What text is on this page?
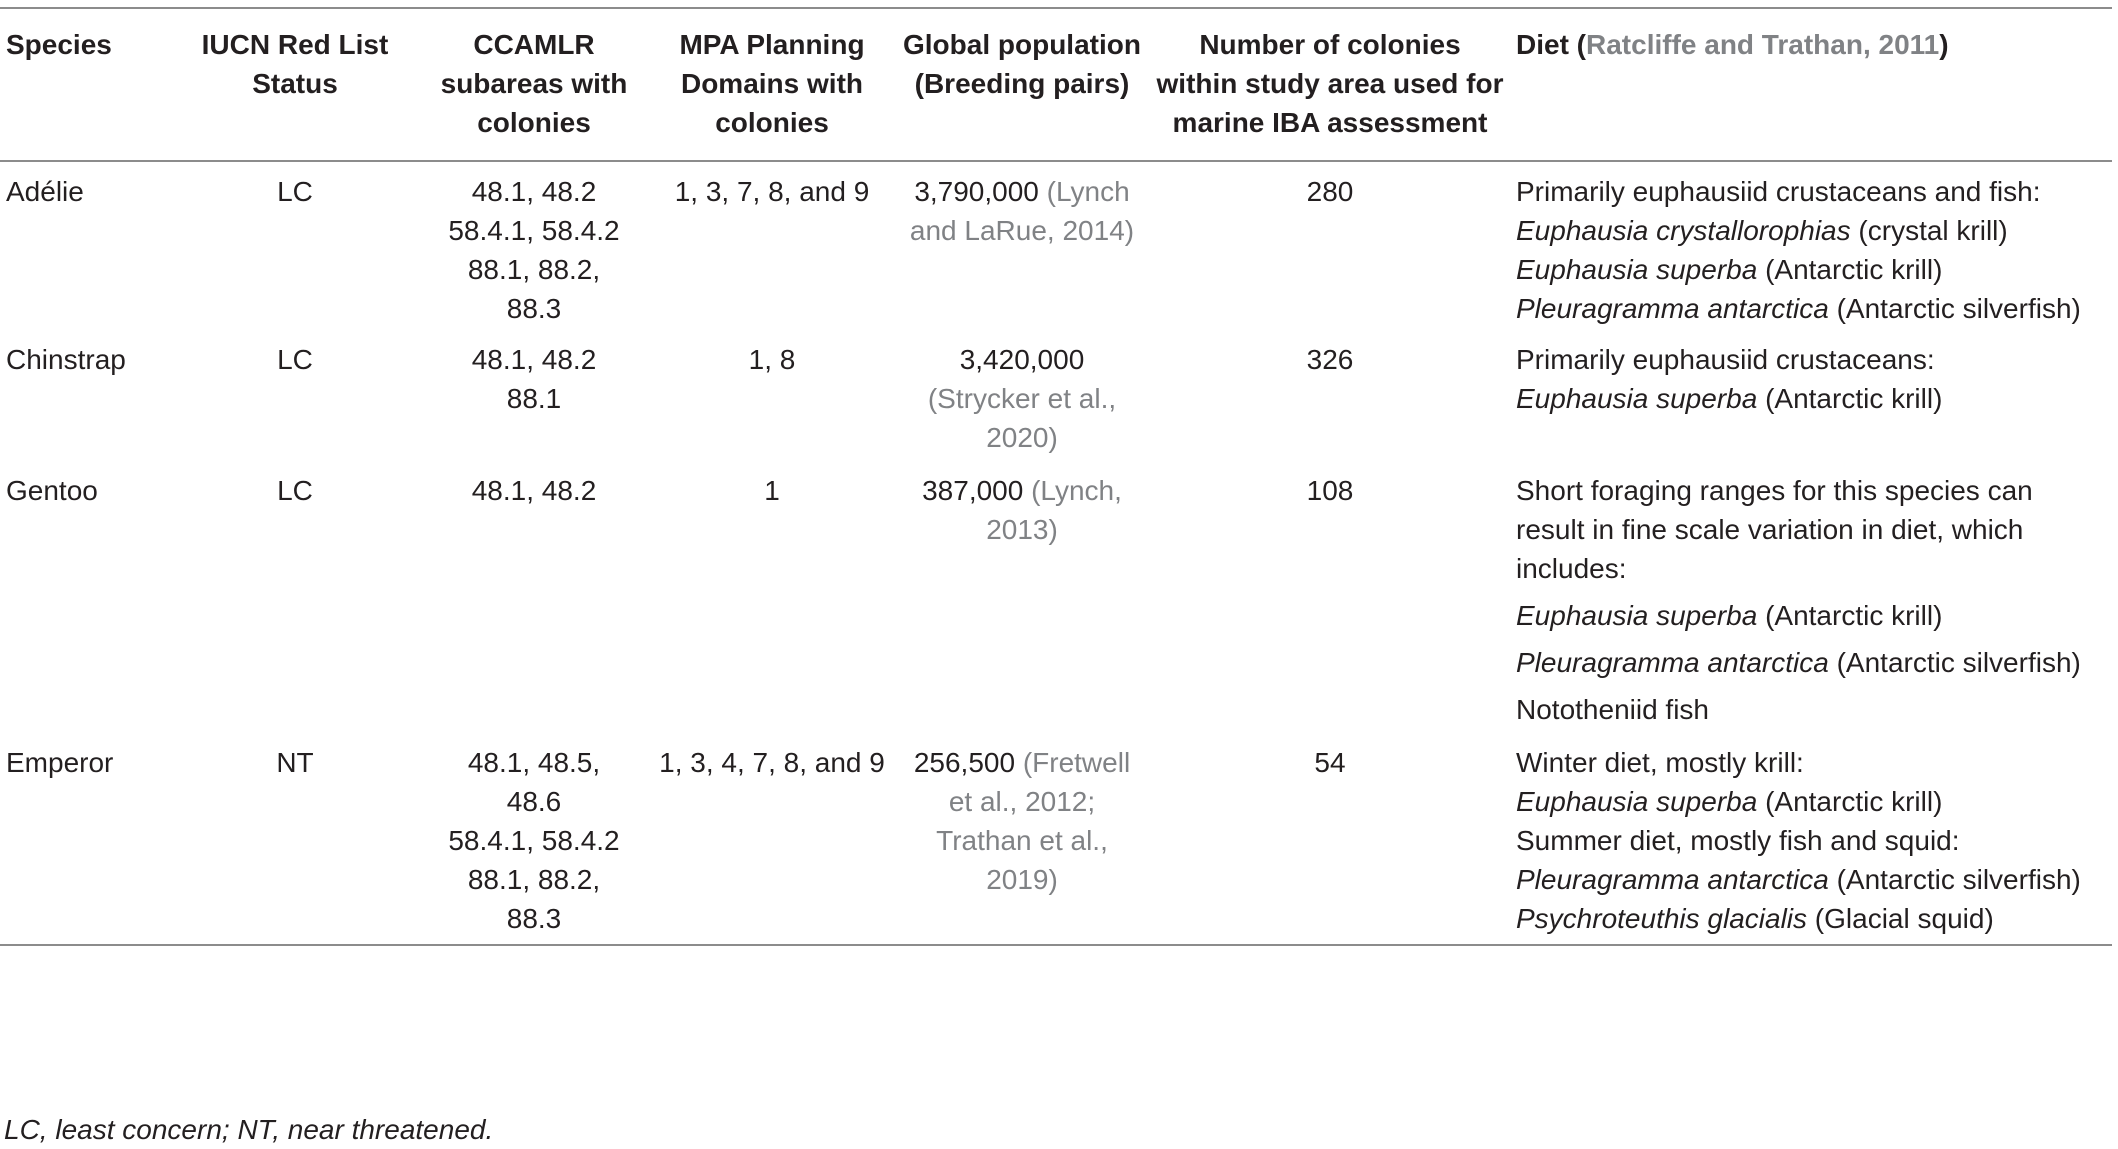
Species	IUCN Red List Status	CCAMLR subareas with colonies	MPA Planning Domains with colonies	Global population (Breeding pairs)	Number of colonies within study area used for marine IBA assessment	Diet (Ratcliffe and Trathan, 2011)
Adélie	LC	48.1, 48.2
58.4.1, 58.4.2
88.1, 88.2,
88.3	1, 3, 7, 8, and 9	3,790,000 (Lynch and LaRue, 2014)	280	Primarily euphausiid crustaceans and fish:
Euphausia crystallorophias (crystal krill)
Euphausia superba (Antarctic krill)
Pleuragramma antarctica (Antarctic silverfish)

Chinstrap	LC	48.1, 48.2
88.1	1, 8	3,420,000
(Strycker et al., 2020)	326	Primarily euphausiid crustaceans:
Euphausia superba (Antarctic krill)

Gentoo	LC	48.1, 48.2	1	387,000 (Lynch, 2013)	108	Short foraging ranges for this species can result in fine scale variation in diet, which includes:
Euphausia superba (Antarctic krill)
Pleuragramma antarctica (Antarctic silverfish)
Nototheniid fish

Emperor	NT	48.1, 48.5,
48.6
58.4.1, 58.4.2
88.1, 88.2,
88.3	1, 3, 4, 7, 8, and 9	256,500 (Fretwell et al., 2012; Trathan et al., 2019)	54	Winter diet, mostly krill:
Euphausia superba (Antarctic krill)
Summer diet, mostly fish and squid:
Pleuragramma antarctica (Antarctic silverfish)
Psychroteuthis glacialis (Glacial squid)
LC, least concern; NT, near threatened.
